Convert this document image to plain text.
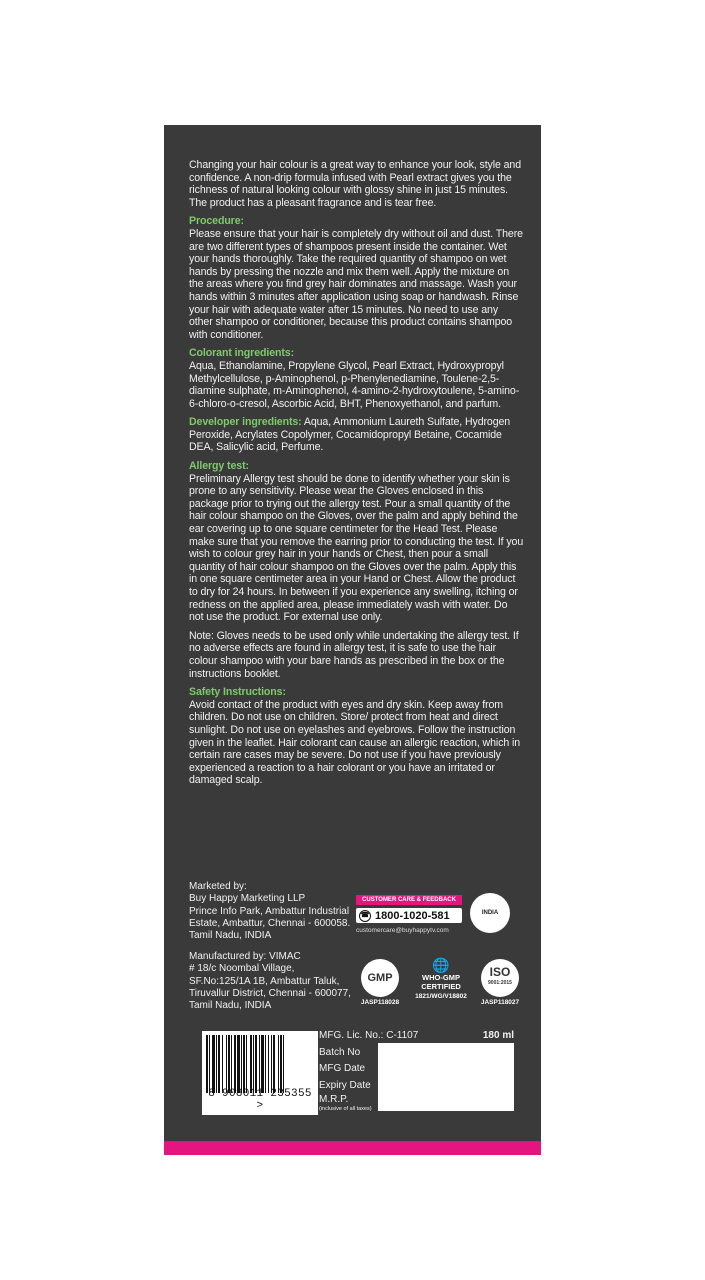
Changing your hair colour is a great way to enhance your look, style and confidence. A non-drip formula infused with Pearl extract gives you the richness of natural looking colour with glossy shine in just 15 minutes. The product has a pleasant fragrance and is tear free.

Procedure:

Please ensure that your hair is completely dry without oil and dust. There are two different types of shampoos present inside the container. Wet your hands thoroughly. Take the required quantity of shampoo on wet hands by pressing the nozzle and mix them well. Apply the mixture on the areas where you find grey hair dominates and massage. Wash your hands within 3 minutes after application using soap or handwash. Rinse your hair with adequate water after 15 minutes. No need to use any other shampoo or conditioner, because this product contains shampoo with conditioner.

Colorant ingredients:

Aqua, Ethanolamine, Propylene Glycol, Pearl Extract, Hydroxypropyl Methylcellulose, p-Aminophenol, p-Phenylenediamine, Toulene-2,5-diamine sulphate, m-Aminophenol, 4-amino-2-hydroxytoulene, 5-amino-6-chloro-o-cresol, Ascorbic Acid, BHT, Phenoxyethanol, and parfum.

Developer ingredients: Aqua, Ammonium Laureth Sulfate, Hydrogen Peroxide, Acrylates Copolymer, Cocamidopropyl Betaine, Cocamide DEA, Salicylic acid, Perfume.

Allergy test:

Preliminary Allergy test should be done to identify whether your skin is prone to any sensitivity. Please wear the Gloves enclosed in this package prior to trying out the allergy test. Pour a small quantity of the hair colour shampoo on the Gloves, over the palm and apply behind the ear covering up to one square centimeter for the Head Test. Please make sure that you remove the earring prior to conducting the test. If you wish to colour grey hair in your hands or Chest, then pour a small quantity of hair colour shampoo on the Gloves over the palm. Apply this in one square centimeter area in your Hand or Chest. Allow the product to dry for 24 hours. In between if you experience any swelling, itching or redness on the applied area, please immediately wash with water. Do not use the product. For external use only.

Note: Gloves needs to be used only while undertaking the allergy test. If no adverse effects are found in allergy test, it is safe to use the hair colour shampoo with your bare hands as prescribed in the box or the instructions booklet.

Safety Instructions:

Avoid contact of the product with eyes and dry skin. Keep away from children. Do not use on children. Store/ protect from heat and direct sunlight. Do not use on eyelashes and eyebrows. Follow the instruction given in the leaflet. Hair colorant can cause an allergic reaction, which in certain rare cases may be severe. Do not use if you have previously experienced a reaction to a hair colorant or you have an irritated or damaged scalp.

Marketed by:
Buy Happy Marketing LLP
Prince Info Park, Ambattur Industrial
Estate, Ambattur, Chennai - 600058.
Tamil Nadu, INDIA
CUSTOMER CARE & FEEDBACK
☎ 1800-1020-581
customercare@buyhappytv.com
INDIA
Manufactured by: VIMAC
# 18/c Noombal Village,
SF.No:125/1A 1B, Ambattur Taluk,
Tiruvallur District, Chennai - 600077,
Tamil Nadu, INDIA
GMP
JASP118028
🌐
WHO-GMP CERTIFIED
1821/WG/V18802
ISO
9001:2015
JASP118027
8 908011 235355 >
MFG. Lic. No.: C-1107	180 ml
Batch No
MFG Date
Expiry Date
M.R.P.
(inclusive of all taxes)
